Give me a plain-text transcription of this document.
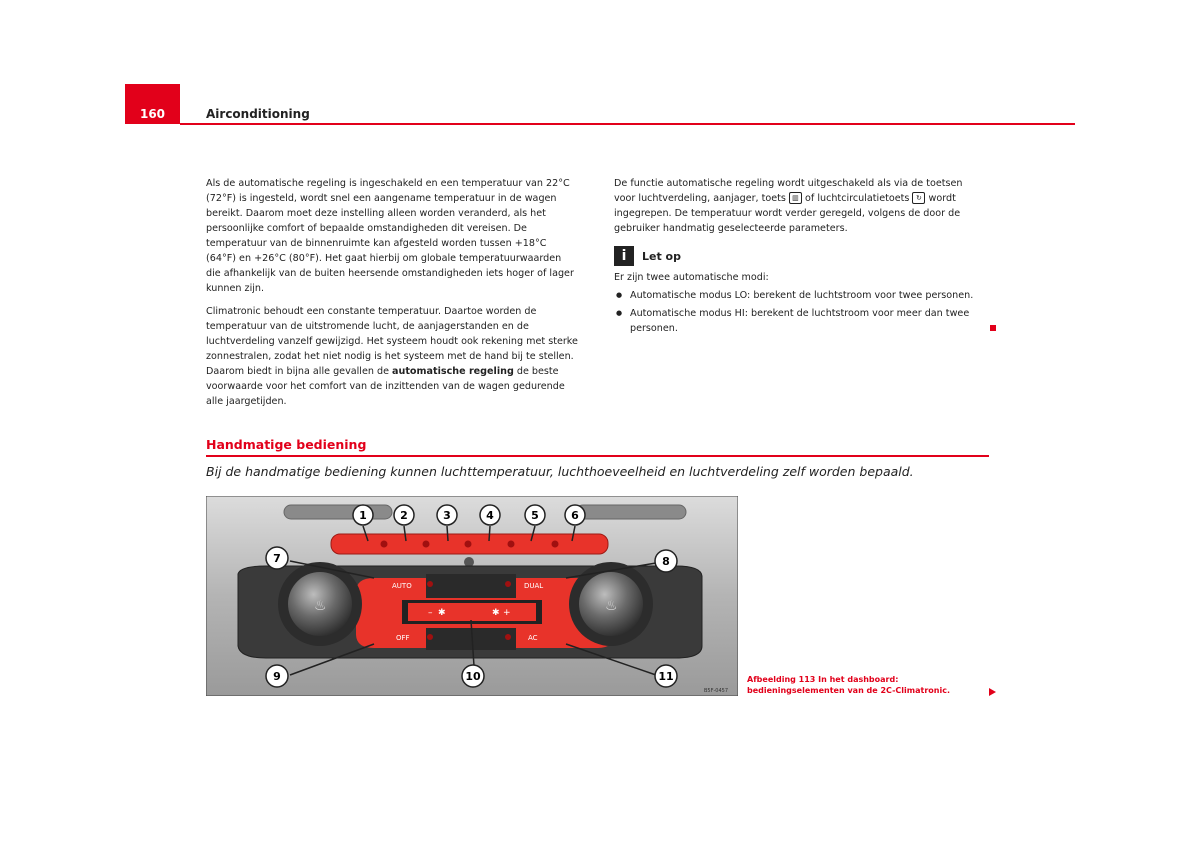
160	Airconditioning

Als de automatische regeling is ingeschakeld en een temperatuur van 22°C (72°F) is ingesteld, wordt snel een aangename temperatuur in de wagen bereikt. Daarom moet deze instelling alleen worden veranderd, als het persoonlijke comfort of bepaalde omstandigheden dit vereisen. De temperatuur van de binnenruimte kan afgesteld worden tussen +18°C (64°F) en +26°C (80°F). Het gaat hierbij om globale temperatuurwaarden die afhankelijk van de buiten heersende omstandigheden iets hoger of lager kunnen zijn.

Climatronic behoudt een constante temperatuur. Daartoe worden de temperatuur van de uitstromende lucht, de aanjagerstanden en de luchtverdeling vanzelf gewijzigd. Het systeem houdt ook rekening met sterke zonnestralen, zodat het niet nodig is het systeem met de hand bij te stellen. Daarom biedt in bijna alle gevallen de automatische regeling de beste voorwaarde voor het comfort van de inzittenden van de wagen gedurende alle jaargetijden.

De functie automatische regeling wordt uitgeschakeld als via de toetsen voor luchtverdeling, aanjager, toets ▥ of luchtcirculatietoets ↻ wordt ingegrepen. De temperatuur wordt verder geregeld, volgens de door de gebruiker handmatig geselecteerde parameters.

i Let op
Er zijn twee automatische modi:
● Automatische modus LO: berekent de luchtstroom voor twee personen.
● Automatische modus HI: berekent de luchtstroom voor meer dan twee personen.
Handmatige bediening
Bij de handmatige bediening kunnen luchttemperatuur, luchthoeveelheid en luchtverdeling zelf worden bepaald.
– ✱	✱ +
♨	♨
AUTO	DUAL
OFF	AC
1	2	3	4	5	6
7	8
9	10	11
B5F-0457
Afbeelding 113 In het dashboard: bedieningselementen van de 2C-Climatronic.
